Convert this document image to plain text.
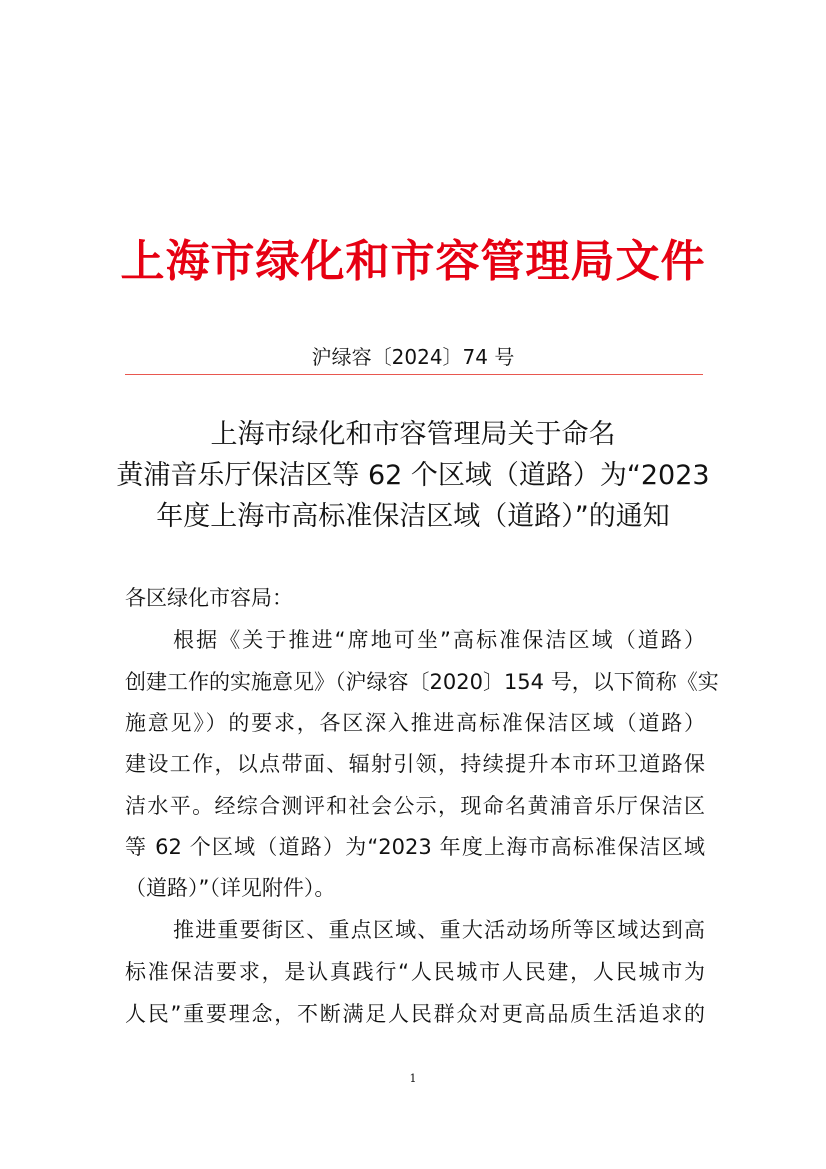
上海市绿化和市容管理局文件
沪绿容〔2024〕74 号
上海市绿化和市容管理局关于命名
黄浦音乐厅保洁区等 62 个区域（道路）为“2023
年度上海市高标准保洁区域（道路）”的通知
各区绿化市容局：
根据《关于推进“席地可坐”高标准保洁区域（道路）
创建工作的实施意见》（沪绿容〔2020〕154 号，以下简称《实
施意见》）的要求，各区深入推进高标准保洁区域（道路）
建设工作，以点带面、辐射引领，持续提升本市环卫道路保
洁水平。经综合测评和社会公示，现命名黄浦音乐厅保洁区
等 62 个区域（道路）为“2023 年度上海市高标准保洁区域
（道路）”（详见附件）。
推进重要街区、重点区域、重大活动场所等区域达到高
标准保洁要求，是认真践行“人民城市人民建，人民城市为
人民”重要理念，不断满足人民群众对更高品质生活追求的
1
